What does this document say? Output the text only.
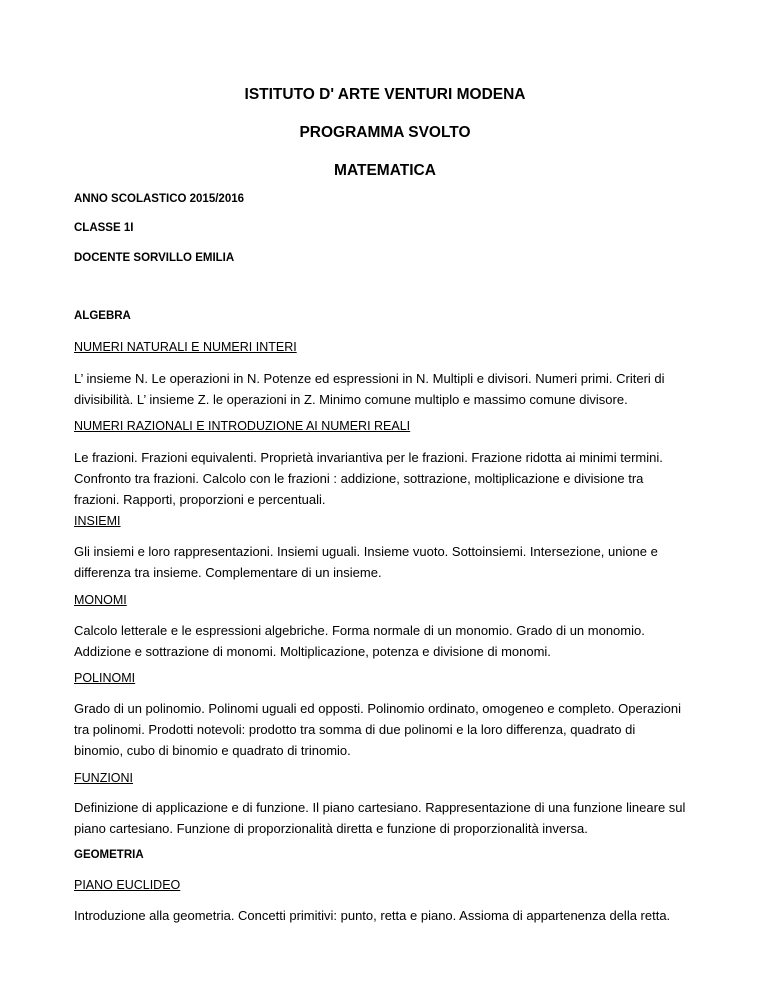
ISTITUTO D' ARTE VENTURI MODENA
PROGRAMMA SVOLTO
MATEMATICA
ANNO SCOLASTICO 2015/2016
CLASSE 1I
DOCENTE SORVILLO EMILIA
ALGEBRA
NUMERI NATURALI E NUMERI INTERI
L’ insieme N. Le operazioni in N. Potenze ed espressioni in N. Multipli e divisori. Numeri primi. Criteri di
divisibilità. L’ insieme Z. le operazioni in Z. Minimo comune multiplo e massimo comune divisore.
NUMERI RAZIONALI E INTRODUZIONE AI NUMERI REALI
Le frazioni. Frazioni equivalenti. Proprietà invariantiva per le frazioni. Frazione ridotta ai minimi termini.
Confronto tra frazioni. Calcolo con le frazioni : addizione, sottrazione, moltiplicazione e divisione tra
frazioni. Rapporti, proporzioni e percentuali.
INSIEMI
Gli insiemi e loro rappresentazioni. Insiemi uguali. Insieme vuoto. Sottoinsiemi. Intersezione, unione e
differenza tra insieme. Complementare di un insieme.
MONOMI
Calcolo letterale e le espressioni algebriche. Forma normale di un monomio. Grado di un monomio.
Addizione e sottrazione di monomi. Moltiplicazione, potenza e divisione di monomi.
POLINOMI
Grado di un polinomio. Polinomi uguali ed opposti. Polinomio ordinato, omogeneo e completo. Operazioni
tra polinomi. Prodotti notevoli: prodotto tra somma di due polinomi e la loro differenza, quadrato di
binomio, cubo di binomio e quadrato di trinomio.
FUNZIONI
Definizione di applicazione e di funzione. Il piano cartesiano. Rappresentazione di una funzione lineare sul
piano cartesiano. Funzione di proporzionalità diretta e funzione di proporzionalità inversa.
GEOMETRIA
PIANO EUCLIDEO
Introduzione alla geometria. Concetti primitivi: punto, retta e piano. Assioma di appartenenza della retta.
